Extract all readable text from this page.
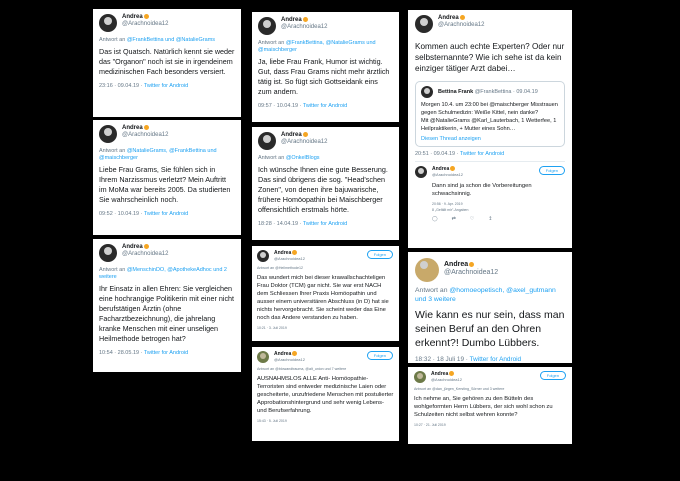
Andrea
@Arachnoidea12
Antwort an @FrankBettina und @NatalieGrams
Das ist Quatsch. Natürlich kennt sie weder das "Organon" noch ist sie in irgendeinem medizinischen Fach besonders versiert.
23:16 · 09.04.19 · Twitter for Android
Andrea
@Arachnoidea12
Antwort an @NatalieGrams, @FrankBettina und @maischberger
Liebe Frau Grams, Sie fühlen sich in Ihrem Narzissmus verletzt? Mein Auftritt im MoMa war bereits 2005. Da studierten Sie wahrscheinlich noch.
09:52 · 10.04.19 · Twitter for Android
Andrea
@Arachnoidea12
Antwort an @MenschinDO, @ApothekeAdhoc und 2 weitere
Ihr Einsatz in allen Ehren: Sie vergleichen eine hochrangige Politikerin mit einer nicht berufstätigen Ärztin (ohne Facharztbezeichnung), die jahrelang kranke Menschen mit einer unseligen Heilmethode betrogen hat?
10:54 · 28.05.19 · Twitter for Android
Andrea
@Arachnoidea12
Antwort an @FrankBettina, @NatalieGrams und @maischberger
Ja, liebe Frau Frank, Humor ist wichtig. Gut, dass Frau Grams nicht mehr ärztlich tätig ist. So fügt sich Gottseidank eins zum andern.
09:57 · 10.04.19 · Twitter for Android
Andrea
@Arachnoidea12
Antwort an @OnkelBlogs
Ich wünsche Ihnen eine gute Besserung. Das sind übrigens die sog. "Head'schen Zonen", von denen ihre bajuwarische, frühere Homöopathin bei Maischberger offensichtlich erstmals hörte.
18:28 · 14.04.19 · Twitter for Android
Folgen
Andrea
@Arachnoidea12
Antwort an @Heilmethode12
Das wundert mich bei dieser krawallschachteligen Frau Doktor (TCM) gar nicht. Sie war erst NACH dem Schliessen Ihrer Praxis Homöopathin und ausser einem universitären Abschluss (in D) hat sie nichts hervorgebracht. Sie scheint weder das Eine noch das Andere verstanden zu haben.
10:21 · 3. Juli 2019
Folgen
Andrea
@Arachnoidea12
Antwort an @blowandtrauma, @alt_union und 7 weitere
AUSNAHMSLOS ALLE Anti- Homöopathie-Terroristen sind entweder medizinische Laien oder gescheiterte, unzufriedene Menschen mit postulierter Approbationshintergrund und sehr wenig Lebens- und Berufserfahrung.
15:43 · 5. Juli 2019
Andrea
@Arachnoidea12
Kommen auch echte Experten? Oder nur selbsternannte? Wie ich sehe ist da kein einziger tätiger Arzt dabei…
Bettina Frank @FrankBettina · 09.04.19
Morgen 10.4. um 23:00 bei @maischberger Misstrauen gegen Schulmedizin: Weiße Kittel, nein danke?
Mit @NatalieGrams @Karl_Lauterbach, 1 Wetterfee, 1 Heilpraktikerin, + Mutter eines Sohn…
Diesen Thread anzeigen
20:51 · 09.04.19 · Twitter for Android
Folgen
Andrea
@Arachnoidea12
Dann sind ja schon die Vorbereitungen schwachsinnig.
20:56 · 9. Apr. 2019
8 „Gefällt mir"-Angaben
◯	⇄	♡	↥
Andrea
@Arachnoidea12
Antwort an @homoeopetisch, @axel_gutmann und 3 weitere
Wie kann es nur sein, dass man seinen Beruf an den Ohren erkennt?! Dumbo Lübbers.
18:32 · 18 Juli 19 · Twitter for Android
Folgen
Andrea
@Arachnoidea12
Antwort an @dan_jürgen_Kersting_Sörner und 3 weitere
Ich nehme an, Sie gehören zu den Bütteln des wohlgeformten Herrn Lübbers, der sich wohl schon zu Schulzeiten nicht selbst wehren konnte?
10:27 · 21. Juli 2019
